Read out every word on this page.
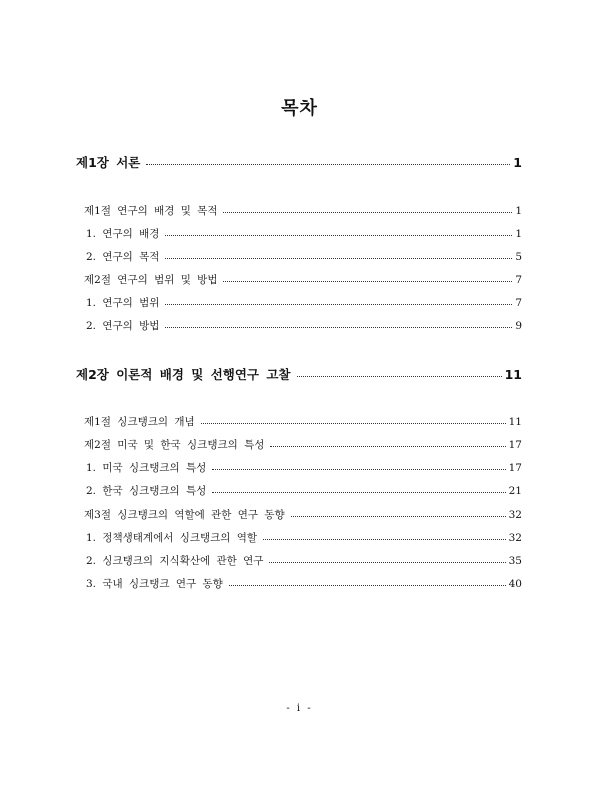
목차
제1장 서론	1
제1절 연구의 배경 및 목적	1
1. 연구의 배경	1
2. 연구의 목적	5
제2절 연구의 범위 및 방법	7
1. 연구의 범위	7
2. 연구의 방법	9
제2장 이론적 배경 및 선행연구 고찰	11
제1절 싱크탱크의 개념	11
제2절 미국 및 한국 싱크탱크의 특성	17
1. 미국 싱크탱크의 특성	17
2. 한국 싱크탱크의 특성	21
제3절 싱크탱크의 역할에 관한 연구 동향	32
1. 정책생태계에서 싱크탱크의 역할	32
2. 싱크탱크의 지식확산에 관한 연구	35
3. 국내 싱크탱크 연구 동향	40
- i -
